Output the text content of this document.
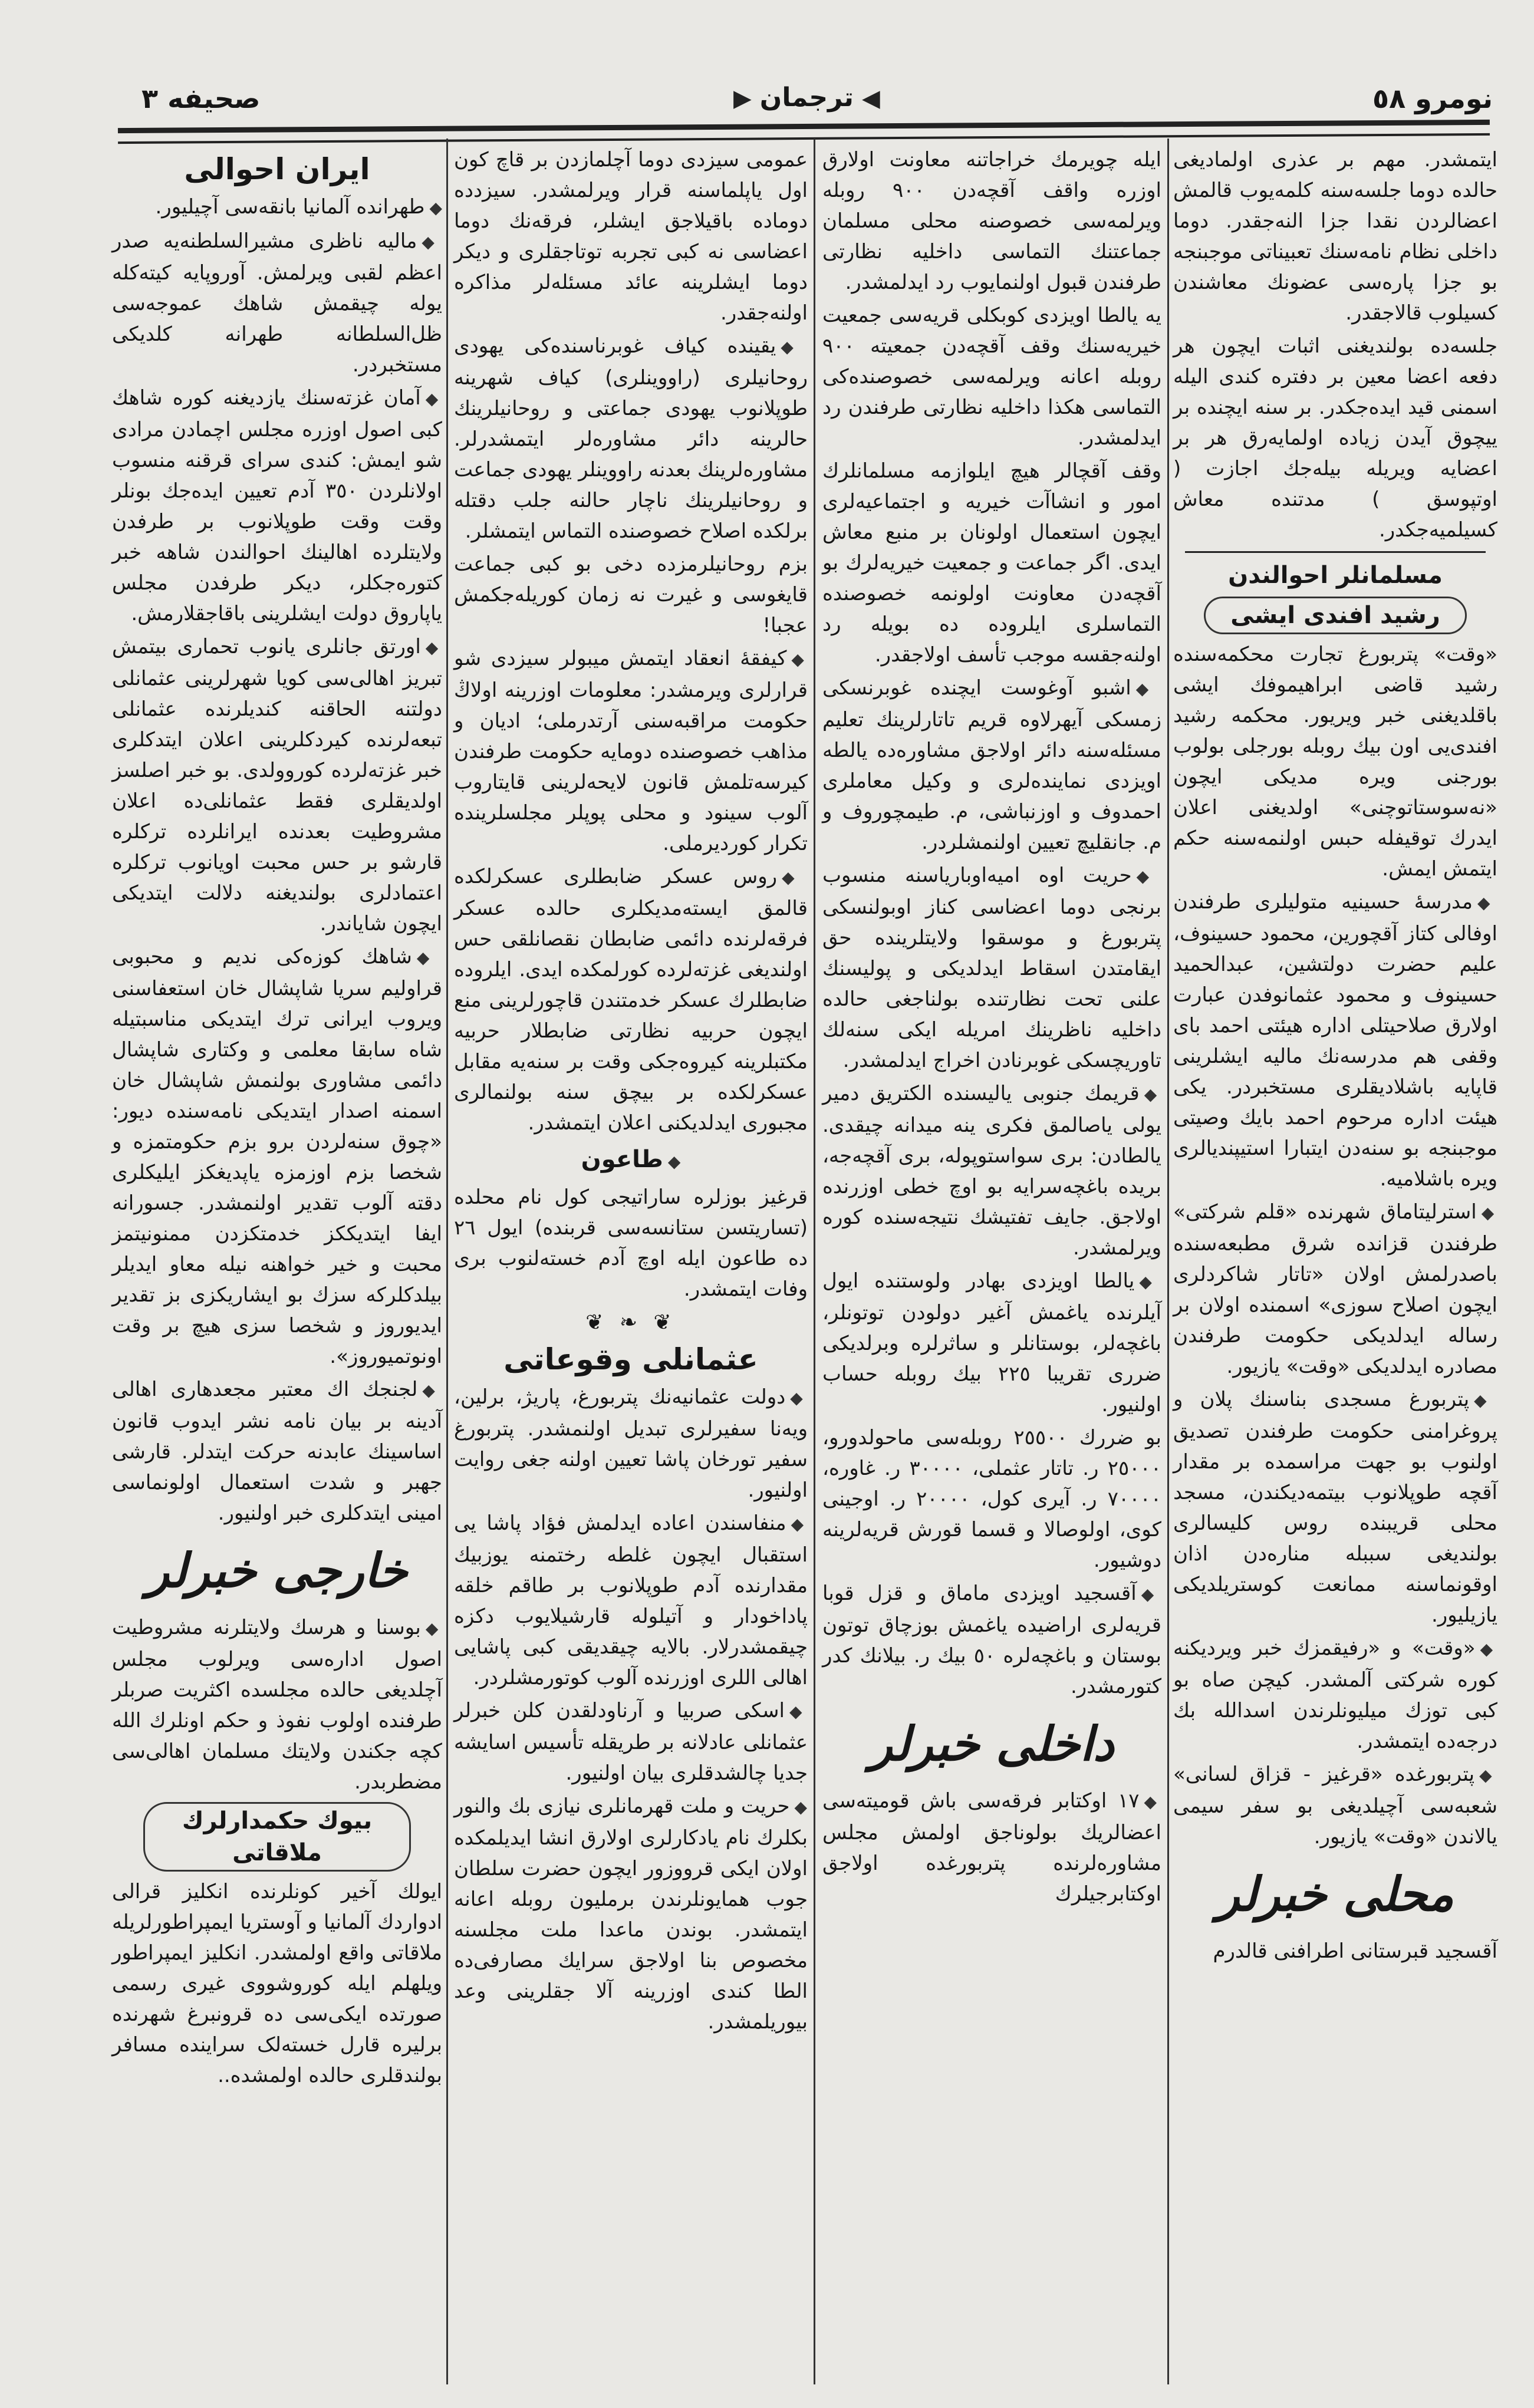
نومرو ٥٨
◀ترجمان▶
صحیفه ٣

ایتمشدر. مهم بر عذری اولمادیغی حالده دوما جلسه‌سنه کلمه‌یوب قالمش اعضالردن نقدا جزا النه‌جقدر. دوما داخلی نظام نامه‌سنك تعبیناتی موجبنجه بو جزا پاره‌سی عضونك معاشندن کسیلوب قالاجقدر.

جلسه‌ده بولندیغنی اثبات ایچون هر دفعه اعضا معین بر دفتره کندی الیله اسمنی قید ایده‌جکدر. بر سنه ایچنده بر ییچوق آیدن زیاده اولمایه‌رق هر بر اعضایه ویریله بیله‌جك اجازت ( اوتپوسق ) مدتنده معاش کسیلمیه‌جکدر.

مسلمانلر احوالندن
رشید افندی ایشی

«وقت» پتربورغ تجارت محکمه‌سنده رشید قاضی ابراهیموفك ایشی باقلدیغنی خبر ویریور. محکمه رشید افندی‌یی اون بیك روبله بورجلی بولوب بورجنی ویره مدیکی ایچون «نه‌سوستاتوچنی» اولدیغنی اعلان ایدرك توقیفله حبس اولنمه‌سنه حکم ایتمش ایمش.

◆مدرسهٔ حسینیه متولیلری طرفندن اوفالی کتاز آقچورین، محمود حسینوف، علیم حضرت دولتشین، عبدالحمید حسینوف و محمود عثمانوفدن عبارت اولارق صلاحیتلی اداره هیئتی احمد بای وقفی هم مدرسه‌نك مالیه ایشلرینی قاپایه باشلادیقلری مستخبردر. یکی هیئت اداره مرحوم احمد بایك وصیتی موجبنجه بو سنه‌دن ایتبارا استیپندیالری ویره باشلامیه.

◆استرلیتاماق شهرنده «قلم شرکتی» طرفندن قزانده شرق مطبعه‌سنده باصدرلمش اولان «تاتار شاکردلری ایچون اصلاح سوزی» اسمنده اولان بر رساله ایدلدیکی حکومت طرفندن مصادره ایدلدیکی «وقت» یازیور.

◆پتربورغ مسجدی بناسنك پلان و پروغرامنی حکومت طرفندن تصدیق اولنوب بو جهت مراسمده بر مقدار آقچه طوپلانوب بیتمه‌دیکندن، مسجد محلی قریبنده روس کلیسالری بولندیغی سببله مناره‌دن اذان اوقونماسنه ممانعت کوستریلدیکی یازیلیور.

◆«وقت» و «رفیقمزك خبر ویردیکنه کوره شرکتی آلمشدر. کیچن صاه بو کبی توزك میلیونلرندن اسدالله بك درجه‌ده ایتمشدر.

◆پتربورغده «قرغیز - قزاق لسانی» شعبه‌سی آچیلدیغی بو سفر سیمی یالاندن «وقت» یازیور.

محلی خبرلر

آقسجید قبرستانی اطرافنی قالدرم

ایله چویرمك خراجاتنه معاونت اولارق اوزره واقف آقچه‌دن ٩٠٠ روبله ویرلمه‌سی خصوصنه محلی مسلمان جماعتنك التماسی داخلیه نظارتی طرفندن قبول اولنمایوب رد ایدلمشدر.

یه یالطا اویزدی کوبکلی قریه‌سی جمعیت خیریه‌سنك وقف آقچه‌دن جمعیته ٩٠٠ روبله اعانه ویرلمه‌سی خصوصنده‌کی التماسی هکذا داخلیه نظارتی طرفندن رد ایدلمشدر.

وقف آقچالر هیچ ایلوازمه مسلمانلرك امور و انشاآت خیریه و اجتماعیه‌لری ایچون استعمال اولونان بر منبع معاش ایدی. اگر جماعت و جمعیت خیریه‌لرك بو آقچه‌دن معاونت اولونمه خصوصنده التماسلری ایلروده ده بویله رد اولنه‌جقسه موجب تأسف اولاجقدر.

◆اشبو آوغوست ایچنده غوبرنسکی زمسکی آیهرلاوه قریم تاتارلرینك تعلیم مسئله‌سنه دائر اولاجق مشاوره‌ده یالطه اویزدی نماینده‌لری و وکیل معاملری احمدوف و اوزنباشی، م. طیمچوروف و م. جانقلیچ تعیین اولنمشلردر.

◆حریت اوه امیه‌اوباریاسنه منسوب برنجی دوما اعضاسی کناز اوبولنسکی پتربورغ و موسقوا ولایتلرینده حق ایقامتدن اسقاط ایدلدیکی و پولیسنك علنی تحت نظارتنده بولناجغی حالده داخلیه ناظرینك امریله ایکی سنه‌لك تاوریچسکی غوبرنادن اخراج ایدلمشدر.

◆قریمك جنوبی یالیسنده الکتریق دمیر یولی یاصالمق فکری ینه میدانه چیقدی. یالطادن: بری سواستوپوله، بری آقچه‌جه، بریده باغچه‌سرایه بو اوچ خطی اوزرنده اولاجق. جایف تفتیشك نتیجه‌سنده کوره ویرلمشدر.

◆یالطا اویزدی بهادر ولوستنده ایول آیلرنده یاغمش آغیر دولودن توتونلر، باغچه‌لر، بوستانلر و ساثرلره وبرلدیکی ضرری تقریبا ٢٢٥ بیك روبله حساب اولنیور.

بو ضررك ٢٥٥٠٠ روبله‌سی ماحولدورو، ٢٥٠٠٠ ر. تاتار عثملی، ٣٠٠٠٠ ر. غاوره، ٧٠٠٠٠ ر. آیری کول، ٢٠٠٠٠ ر. اوجینی کوی، اولوصالا و قسما قورش قریه‌لرینه دوشیور.

◆آقسجید اویزدی ماماق و قزل قوبا قریه‌لری اراضیده یاغمش بوزچاق توتون بوستان و باغچه‌لره ٥٠ بیك ر. بیلانك کدر کتورمشدر.

داخلی خبرلر

◆١٧ اوکتابر فرقه‌سی باش قومیته‌سی اعضالریك بولوناجق اولمش مجلس مشاوره‌لرنده پتربورغده اولاجق اوکتابرجیلرك

عمومی سیزدی دوما آچلمازدن بر قاچ کون اول یاپلماسنه قرار ویرلمشدر. سیزدده دوماده باقیلاجق ایشلر، فرقه‌نك دوما اعضاسی نه کبی تجربه توتاجقلری و دیکر دوما ایشلرینه عائد مسئله‌لر مذاکره اولنه‌جقدر.

◆یقینده کیاف غوبرناسنده‌کی یهودی روحانیلری (راووینلری) کیاف شهرینه طوپلانوب یهودی جماعتی و روحانیلرینك حالرینه دائر مشاوره‌لر ایتمشدرلر. مشاوره‌لرینك بعدنه راووینلر یهودی جماعت و روحانیلرینك ناچار حالنه جلب دقتله برلکده اصلاح خصوصنده التماس ایتمشلر.

بزم روحانیلرمزده دخی بو کبی جماعت قایغوسی و غیرت نه زمان کوریله‌جکمش عجبا!

◆کیفقهٔ انعقاد ایتمش میبولر سیزدی شو قرارلری ویرمشدر: معلومات اوزرینه اولاڭ حکومت مراقبه‌سنی آرتدرملی؛ ادیان و مذاهب خصوصنده دومایه حکومت طرفندن کیرسه‌تلمش قانون لایحه‌لرینی قایتاروب آلوب سینود و محلی پوپلر مجلسلرینده تکرار کوردیرملی.

◆روس عسکر ضابطلری عسکرلکده قالمق ایسته‌مدیکلری حالده عسکر فرقه‌لرنده دائمی ضابطان نقصانلقی حس اولندیغی غزته‌لرده کورلمکده ایدی. ایلروده ضابطلرك عسکر خدمتندن قاچورلرینی منع ایچون حربیه نظارتی ضابطلار حربیه مکتبلرینه کیروه‌جکی وقت بر سنه‌یه مقابل عسکرلکده بر بیچق سنه بولنمالری مجبوری ایدلدیکنی اعلان ایتمشدر.

◆طاعون

قرغیز بوزلره ساراتیجی کول نام محلده (تساریتسن ستانسه‌سی قربنده) ایول ٢٦ ده طاعون ایله اوچ آدم خسته‌لنوب برى وفات ایتمشدر.

❦ ❧ ❦
عثمانلی وقوعاتی

◆دولت عثمانیه‌نك پتربورغ، پاریژ، برلین، ویه‌نا سفیرلری تبدیل اولنمشدر. پتربورغ سفیر تورخان پاشا تعیین اولنه جغی روایت اولنیور.

◆منفاسندن اعاده ایدلمش فؤاد پاشا یی استقبال ایچون غلطه رختمنه یوزبیك مقدارنده آدم طوپلانوب بر طاقم خلقه پاداخودار و آتیلوله قارشیلایوب دکزه چیقمشدرلار. بالایه چیقدیقی کبی پاشایی اهالی اللری اوزرنده آلوب کوتورمشلردر.

◆اسکی صربیا و آرناودلقدن کلن خبرلر عثمانلی عادلانه بر طریقله تأسیس اسایشه جدیا چالشدقلری بیان اولنیور.

◆حریت و ملت قهرمانلری نیازی بك والنور بکلرك نام یادکارلری اولارق انشا ایدیلمکده اولان ایکی قرووزور ایچون حضرت سلطان جوب همایونلرندن برملیون روبله اعانه ایتمشدر. بوندن ماعدا ملت مجلسنه مخصوص بنا اولاجق سرایك مصارفی‌ده الطا کندی اوزرینه آلا جقلرینی وعد بیوریلمشدر.

ایران احوالی

◆طهرانده آلمانیا بانقه‌سی آچیلیور.

◆مالیه ناظری مشیرالسلطنه‌یه صدر اعظم لقبی ویرلمش. آوروپایه کیته‌کله یوله چیقمش شاهك عموجه‌سی ظل‌السلطانه طهرانه کلدیکی مستخبردر.

◆آمان غزته‌سنك یازدیغنه کوره شاهك کبی اصول اوزره مجلس اچمادن مرادی شو ایمش: کندی سرای قرقنه منسوب اولانلردن ٣٥٠ آدم تعیین ایده‌جك بونلر وقت وقت طوپلانوب بر طرفدن ولایتلرده اهالینك احوالندن شاهه خبر کتوره‌جکلر، دیکر طرفدن مجلس یاپاروق دولت ایشلرینی باقاجقلارمش.

◆اورتق جانلری یانوب تحماری بیتمش تبریز اهالی‌سی کویا شهرلرینی عثمانلی دولتنه الحاقنه کندیلرنده عثمانلی تبعه‌لرنده کیردکلرینی اعلان ایتدکلری خبر غزته‌لرده کوروولدی. بو خبر اصلسز اولدیقلری فقط عثمانلی‌ده اعلان مشروطیت بعدنده ایرانلرده ترکلره قارشو بر حس محبت اویانوب ترکلره اعتمادلری بولندیغنه دلالت ایتدیکی ایچون شایاندر.

◆شاهك کوزه‌کی ندیم و محبوبی قراولیم سریا شاپشال خان استعفاسنی ویروب ایرانی ترك ایتدیکی مناسبتیله شاه سابقا معلمی و وکتاری شاپشال دائمی مشاوری بولنمش شاپشال خان اسمنه اصدار ایتدیکی نامه‌سنده دیور: «چوق سنه‌لردن برو بزم حکومتمزه و شخصا بزم اوزمزه یاپدیغکز ایلیکلری دقته آلوب تقدیر اولنمشدر. جسورانه ایفا ایتدیککز خدمتکزدن ممنونیتمز محبت و خیر خواهنه نیله معاو ایدیلر بیلدکلرکه سزك بو ایشاریکزی بز تقدیر ایدیوروز و شخصا سزی هیچ بر وقت اونوتمیوروز».

◆لجنجك اك معتبر مجعدهاری اهالی آدینه بر بیان نامه نشر ایدوب قانون اساسینك عابدنه حرکت ایتدلر. قارشی جهبر و شدت استعمال اولونماسی امینی ایتدکلری خبر اولنیور.

خارجی خبرلر

◆بوسنا و هرسك ولایتلرنه مشروطیت اصول اداره‌سی ویرلوب مجلس آچلدیغی حالده مجلسده اکثریت صربلر طرفنده اولوب نفوذ و حکم اونلرك الله کچه جکندن ولایتك مسلمان اهالی‌سی مضطربدر.

بیوك حکمدارلرك ملاقاتی

ایولك آخیر کونلرنده انکلیز قرالی ادواردك آلمانیا و آوستریا ایمپراطورلریله ملاقاتی واقع اولمشدر. انکلیز ایمپراطور ویلهلم ایله کوروشووی غیری رسمی صورتده ایکی‌سی ده قرونبرغ شهرنده برلیره قارل خسته‌لک سراینده مسافر بولندقلری حالده اولمشده..
